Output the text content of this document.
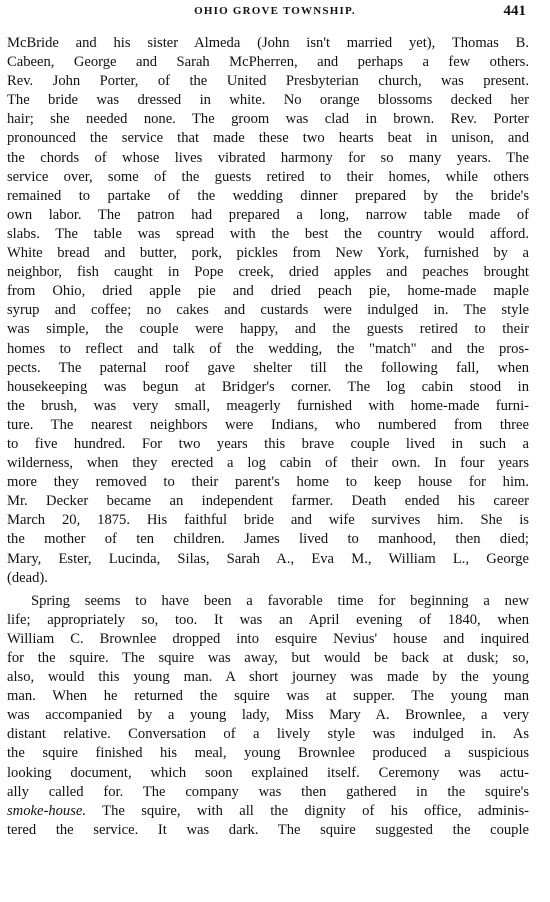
OHIO GROVE TOWNSHIP.	441
McBride and his sister Almeda (John isn't married yet), Thomas B.
Cabeen, George and Sarah McPherren, and perhaps a few others.
Rev. John Porter, of the United Presbyterian church, was present.
The bride was dressed in white. No orange blossoms decked her
hair; she needed none. The groom was clad in brown. Rev. Porter
pronounced the service that made these two hearts beat in unison, and
the chords of whose lives vibrated harmony for so many years. The
service over, some of the guests retired to their homes, while others
remained to partake of the wedding dinner prepared by the bride's
own labor. The patron had prepared a long, narrow table made of
slabs. The table was spread with the best the country would afford.
White bread and butter, pork, pickles from New York, furnished by a
neighbor, fish caught in Pope creek, dried apples and peaches brought
from Ohio, dried apple pie and dried peach pie, home-made maple
syrup and coffee; no cakes and custards were indulged in. The style
was simple, the couple were happy, and the guests retired to their
homes to reflect and talk of the wedding, the "match" and the pros-
pects. The paternal roof gave shelter till the following fall, when
housekeeping was begun at Bridger's corner. The log cabin stood in
the brush, was very small, meagerly furnished with home-made furni-
ture. The nearest neighbors were Indians, who numbered from three
to five hundred. For two years this brave couple lived in such a
wilderness, when they erected a log cabin of their own. In four years
more they removed to their parent's home to keep house for him.
Mr. Decker became an independent farmer. Death ended his career
March 20, 1875. His faithful bride and wife survives him. She is
the mother of ten children. James lived to manhood, then died;
Mary, Ester, Lucinda, Silas, Sarah A., Eva M., William L., George
(dead).
Spring seems to have been a favorable time for beginning a new
life; appropriately so, too. It was an April evening of 1840, when
William C. Brownlee dropped into esquire Nevius' house and inquired
for the squire. The squire was away, but would be back at dusk; so,
also, would this young man. A short journey was made by the young
man. When he returned the squire was at supper. The young man
was accompanied by a young lady, Miss Mary A. Brownlee, a very
distant relative. Conversation of a lively style was indulged in. As
the squire finished his meal, young Brownlee produced a suspicious
looking document, which soon explained itself. Ceremony was actu-
ally called for. The company was then gathered in the squire's
smoke-house. The squire, with all the dignity of his office, adminis-
tered the service. It was dark. The squire suggested the couple
